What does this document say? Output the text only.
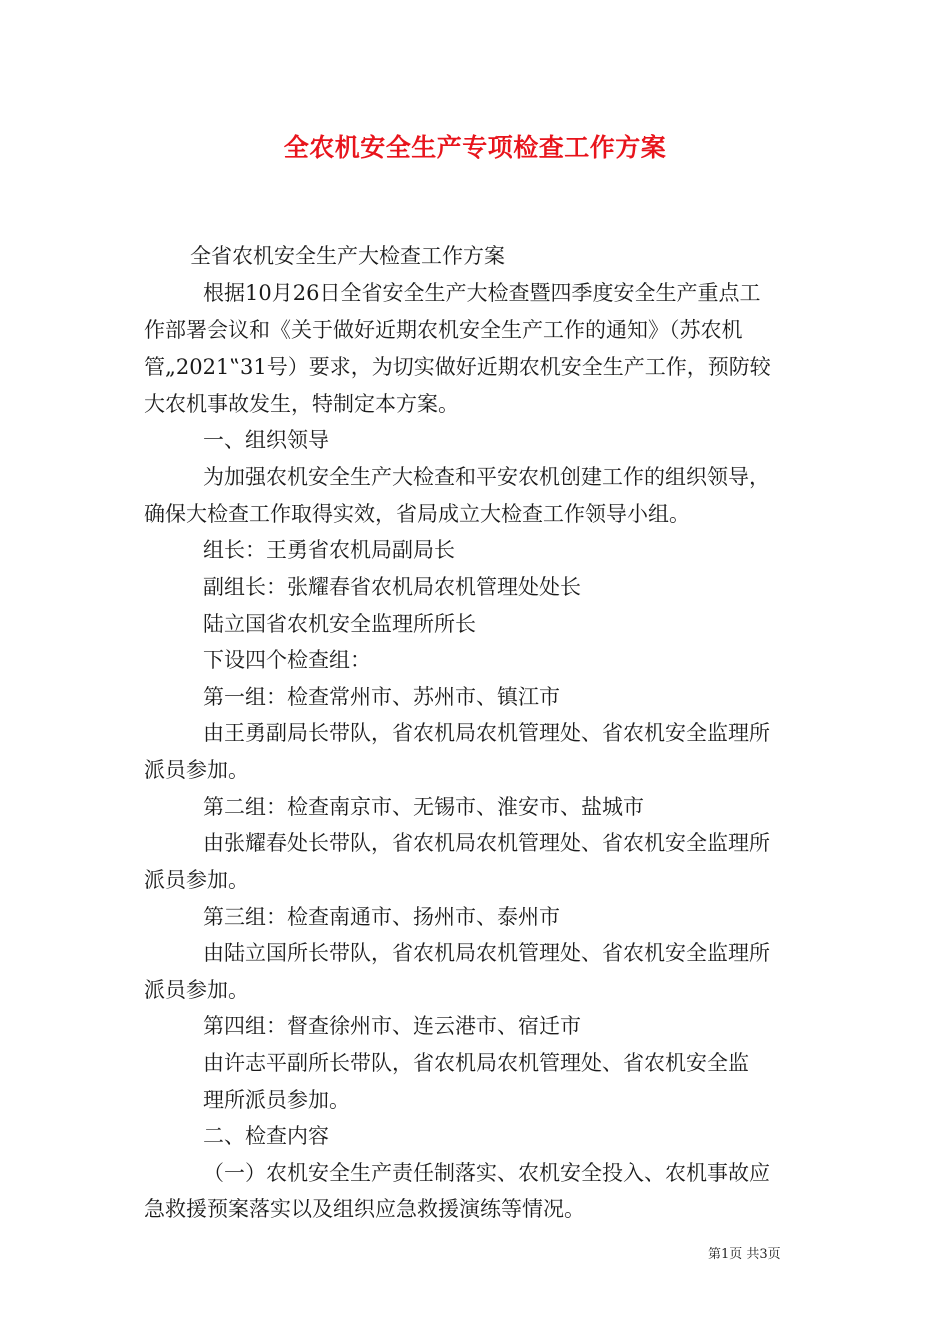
全农机安全生产专项检查工作方案
全省农机安全生产大检查工作方案
根据10月26日全省安全生产大检查暨四季度安全生产重点工
作部署会议和《关于做好近期农机安全生产工作的通知》（苏农机
管„2021‟31号）要求，为切实做好近期农机安全生产工作，预防较
大农机事故发生，特制定本方案。
一、组织领导
为加强农机安全生产大检查和平安农机创建工作的组织领导，
确保大检查工作取得实效，省局成立大检查工作领导小组。
组长：王勇省农机局副局长
副组长：张耀春省农机局农机管理处处长
陆立国省农机安全监理所所长
下设四个检查组：
第一组：检查常州市、苏州市、镇江市
由王勇副局长带队，省农机局农机管理处、省农机安全监理所
派员参加。
第二组：检查南京市、无锡市、淮安市、盐城市
由张耀春处长带队，省农机局农机管理处、省农机安全监理所
派员参加。
第三组：检查南通市、扬州市、泰州市
由陆立国所长带队，省农机局农机管理处、省农机安全监理所
派员参加。
第四组：督查徐州市、连云港市、宿迁市
由许志平副所长带队，省农机局农机管理处、省农机安全监
理所派员参加。
二、检查内容
（一）农机安全生产责任制落实、农机安全投入、农机事故应
急救援预案落实以及组织应急救援演练等情况。
第1页 共3页
